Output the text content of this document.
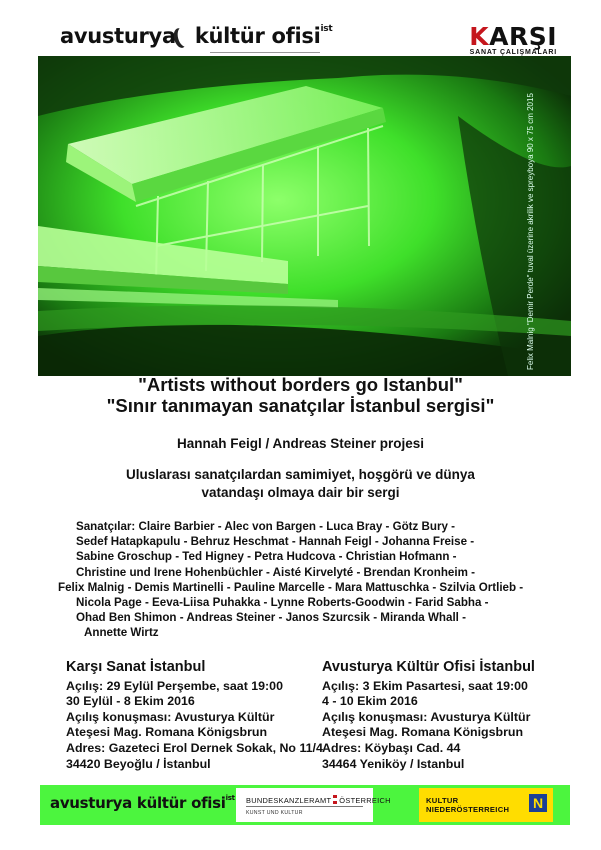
avusturya kültür ofisi$^{ist}$	KARŞI
SANAT ÇALIŞMALARI
Felix Malnig "Demir Perde" tuval üzerine akrilik ve spreyboya 90 x 75 cm 2015
"Artists without borders go Istanbul"
"Sınır tanımayan sanatçılar İstanbul sergisi"
Hannah Feigl / Andreas Steiner projesi
Uluslarası sanatçılardan samimiyet, hoşgörü ve dünya
vatandaşı olmaya dair bir sergi
Sanatçılar: Claire Barbier - Alec von Bargen - Luca Bray - Götz Bury -
Sedef Hatapkapulu - Behruz Heschmat - Hannah Feigl - Johanna Freise -
Sabine Groschup - Ted Higney - Petra Hudcova - Christian Hofmann -
Christine und Irene Hohenbüchler - Aisté Kirvelyté - Brendan Kronheim -
Felix Malnig - Demis Martinelli - Pauline Marcelle - Mara Mattuschka - Szilvia Ortlieb -
Nicola Page - Eeva-Liisa Puhakka - Lynne Roberts-Goodwin - Farid Sabha -
Ohad Ben Shimon - Andreas Steiner - Janos Szurcsik - Miranda Whall -
Annette Wirtz
Karşı Sanat İstanbul
Açılış: 29 Eylül Perşembe, saat 19:00
30 Eylül - 8 Ekim 2016
Açılış konuşması: Avusturya Kültür
Ateşesi Mag. Romana Königsbrun
Adres: Gazeteci Erol Dernek Sokak, No 11/4
34420 Beyoğlu / İstanbul
Avusturya Kültür Ofisi İstanbul
Açılış: 3 Ekim Pasartesi, saat 19:00
4 - 10 Ekim 2016
Açılış konuşması: Avusturya Kültür
Ateşesi Mag. Romana Königsbrun
Adres: Köybaşı Cad. 44
34464 Yeniköy / Istanbul
avusturya kültür ofisi$^{ist}$ BUNDESKANZLERAMT ÖSTERREICH
KUNST UND KULTUR
KULTUR
NIEDERÖSTERREICH N
